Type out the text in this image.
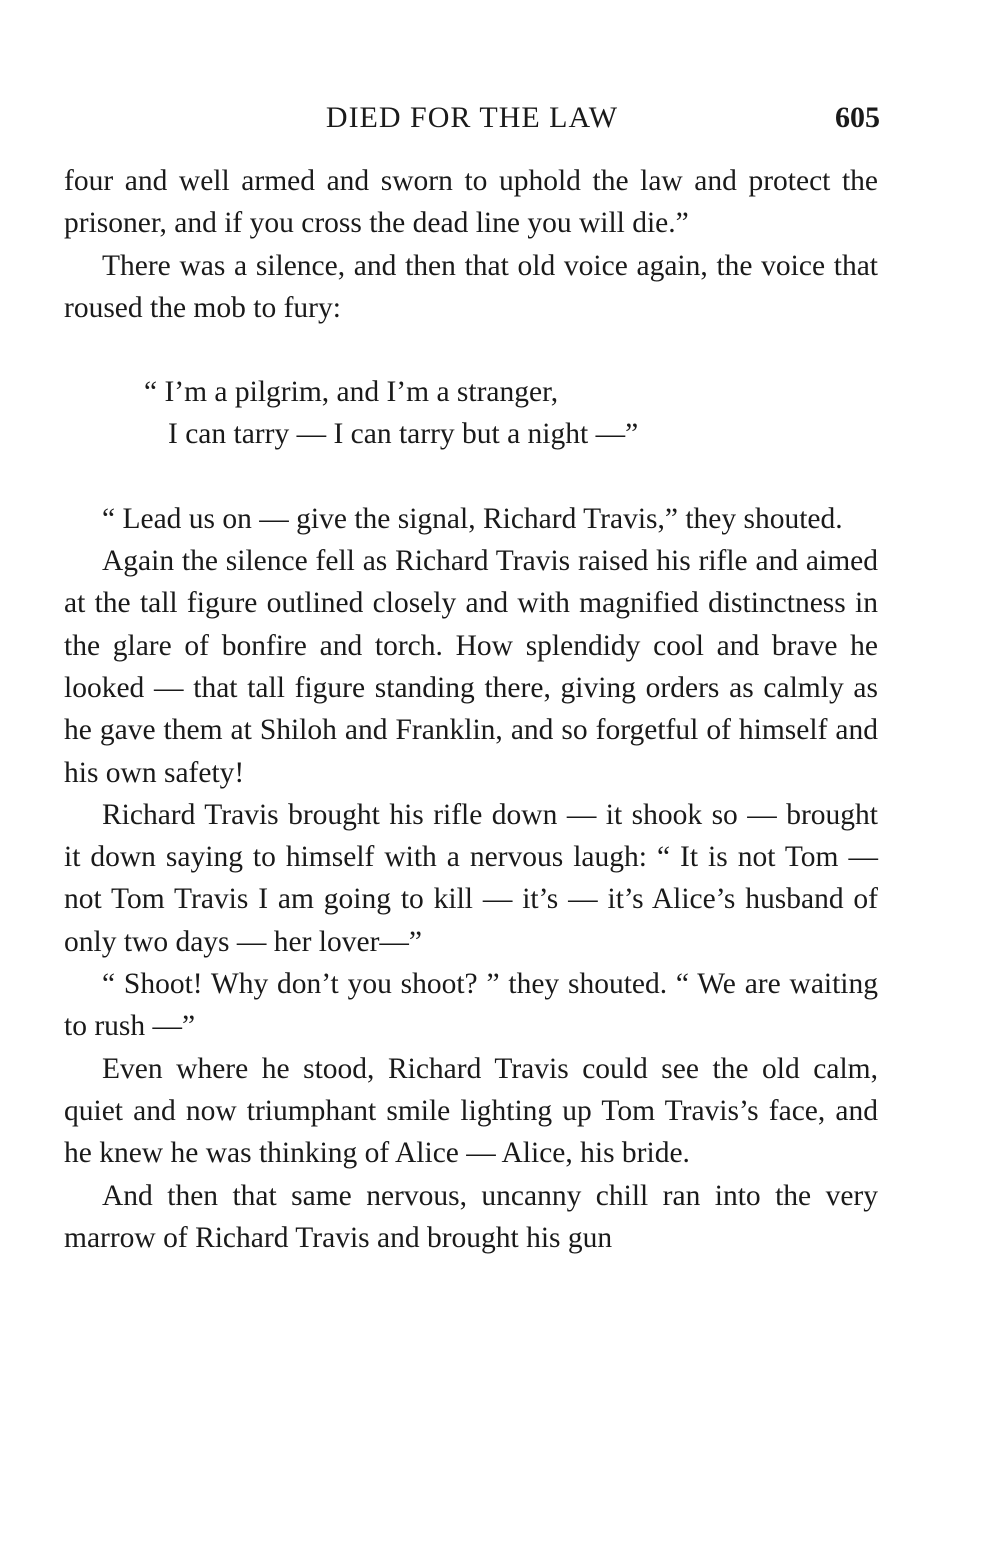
DIED FOR THE LAW	605

four and well armed and sworn to uphold the law and protect the prisoner, and if you cross the dead line you will die.”

There was a silence, and then that old voice again, the voice that roused the mob to fury:

“ I’m a pilgrim, and I’m a stranger,
I can tarry — I can tarry but a night —”

“ Lead us on — give the signal, Richard Travis,” they shouted.

Again the silence fell as Richard Travis raised his rifle and aimed at the tall figure outlined closely and with magnified distinctness in the glare of bonfire and torch. How splendidy cool and brave he looked — that tall figure standing there, giving orders as calmly as he gave them at Shiloh and Franklin, and so forgetful of himself and his own safety!

Richard Travis brought his rifle down — it shook so — brought it down saying to himself with a nervous laugh: “ It is not Tom — not Tom Travis I am going to kill — it’s — it’s Alice’s husband of only two days — her lover—”

“ Shoot! Why don’t you shoot? ” they shouted. “ We are waiting to rush —”

Even where he stood, Richard Travis could see the old calm, quiet and now triumphant smile lighting up Tom Travis’s face, and he knew he was thinking of Alice — Alice, his bride.

And then that same nervous, uncanny chill ran into the very marrow of Richard Travis and brought his gun
